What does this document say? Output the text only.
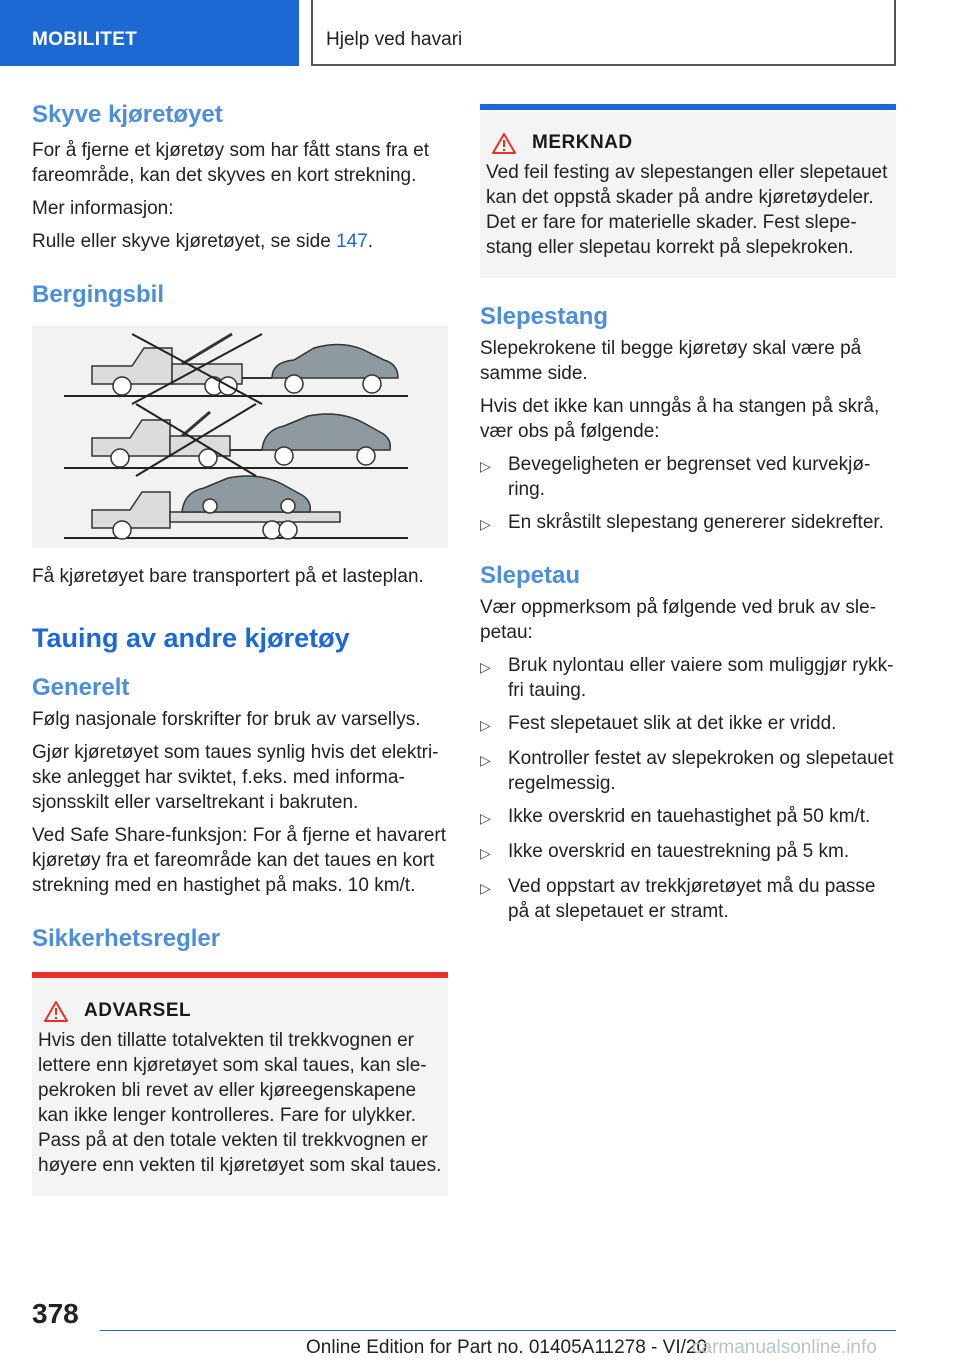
MOBILITET	Hjelp ved havari
Skyve kjøretøyet

For å fjerne et kjøretøy som har fått stans fra et fareområde, kan det skyves en kort strekning.

Mer informasjon:

Rulle eller skyve kjøretøyet, se side 147.

Bergingsbil

Få kjøretøyet bare transportert på et lasteplan.

Tauing av andre kjøretøy
Generelt

Følg nasjonale forskrifter for bruk av varsellys.

Gjør kjøretøyet som taues synlig hvis det elektriske anlegget har sviktet, f.eks. med informasjonsskilt eller varseltrekant i bakruten.

Ved Safe Share-funksjon: For å fjerne et havarert kjøretøy fra et fareområde kan det taues en kort strekning med en hastighet på maks. 10 km/t.

Sikkerhetsregler
ADVARSEL

Hvis den tillatte totalvekten til trekkvognen er lettere enn kjøretøyet som skal taues, kan slepekroken bli revet av eller kjøreegenskapene kan ikke lenger kontrolleres. Fare for ulykker. Pass på at den totale vekten til trekkvognen er høyere enn vekten til kjøretøyet som skal taues.

MERKNAD

Ved feil festing av slepestangen eller slepetauet kan det oppstå skader på andre kjøretøydeler. Det er fare for materielle skader. Fest slepestang eller slepetau korrekt på slepekroken.

Slepestang

Slepekrokene til begge kjøretøy skal være på samme side.

Hvis det ikke kan unngås å ha stangen på skrå, vær obs på følgende:

▷ Bevegeligheten er begrenset ved kurvekjøring.
▷ En skråstilt slepestang genererer sidekrefter.
Slepetau

Vær oppmerksom på følgende ved bruk av slepetau:

▷ Bruk nylontau eller vaiere som muliggjør rykkfri tauing.
▷ Fest slepetauet slik at det ikke er vridd.
▷ Kontroller festet av slepekroken og slepetauet regelmessig.
▷ Ikke overskrid en tauehastighet på 50 km/t.
▷ Ikke overskrid en tauestrekning på 5 km.
▷ Ved oppstart av trekkjøretøyet må du passe på at slepetauet er stramt.
378
Online Edition for Part no. 01405A11278 - VI/20
carmanualsonline.info
